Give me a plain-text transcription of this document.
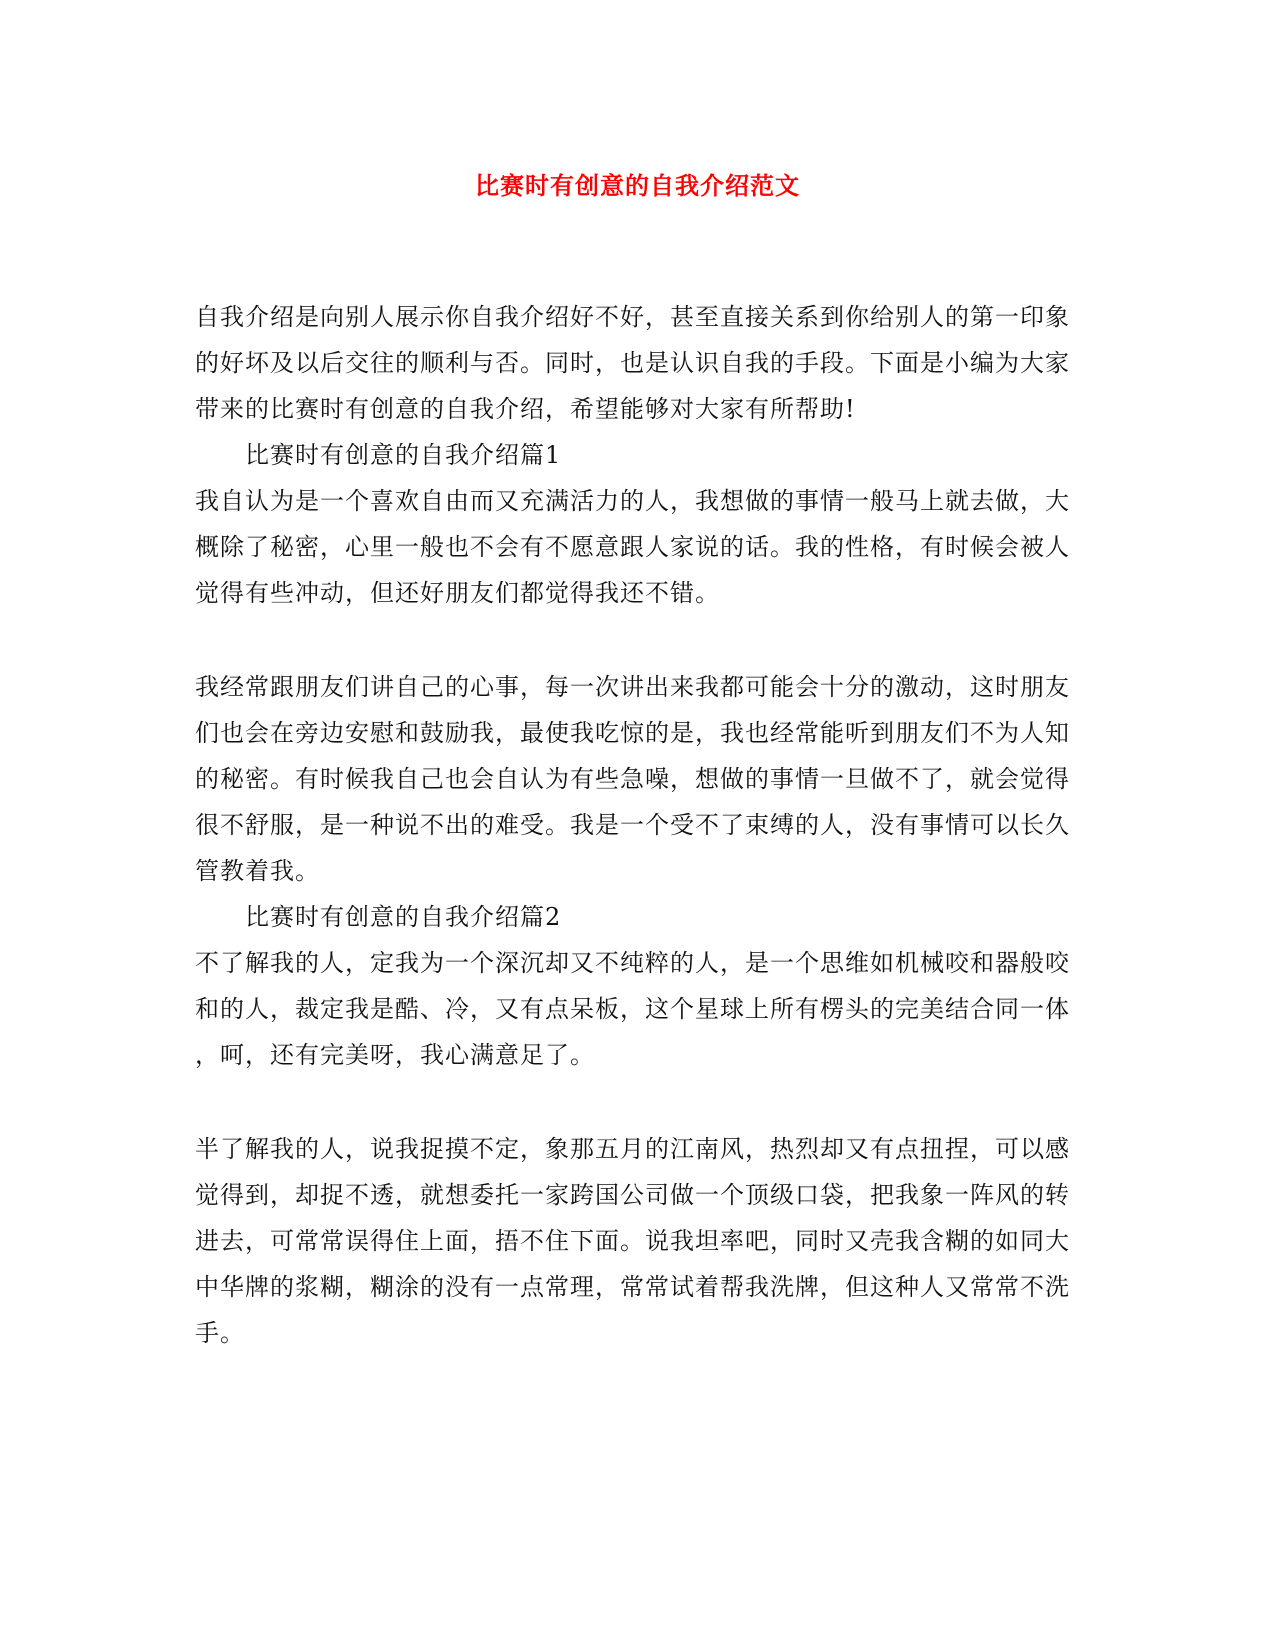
比赛时有创意的自我介绍范文
自我介绍是向别人展示你自我介绍好不好，甚至直接关系到你给别人的第一印象
的好坏及以后交往的顺利与否。同时，也是认识自我的手段。下面是小编为大家
带来的比赛时有创意的自我介绍，希望能够对大家有所帮助!
比赛时有创意的自我介绍篇1
我自认为是一个喜欢自由而又充满活力的人，我想做的事情一般马上就去做，大
概除了秘密，心里一般也不会有不愿意跟人家说的话。我的性格，有时候会被人
觉得有些冲动，但还好朋友们都觉得我还不错。
我经常跟朋友们讲自己的心事，每一次讲出来我都可能会十分的激动，这时朋友
们也会在旁边安慰和鼓励我，最使我吃惊的是，我也经常能听到朋友们不为人知
的秘密。有时候我自己也会自认为有些急噪，想做的事情一旦做不了，就会觉得
很不舒服，是一种说不出的难受。我是一个受不了束缚的人，没有事情可以长久
管教着我。
比赛时有创意的自我介绍篇2
不了解我的人，定我为一个深沉却又不纯粹的人，是一个思维如机械咬和器般咬
和的人，裁定我是酷、冷，又有点呆板，这个星球上所有楞头的完美结合同一体
，呵，还有完美呀，我心满意足了。
半了解我的人，说我捉摸不定，象那五月的江南风，热烈却又有点扭捏，可以感
觉得到，却捉不透，就想委托一家跨国公司做一个顶级口袋，把我象一阵风的转
进去，可常常误得住上面，捂不住下面。说我坦率吧，同时又壳我含糊的如同大
中华牌的浆糊，糊涂的没有一点常理，常常试着帮我洗牌，但这种人又常常不洗
手。
